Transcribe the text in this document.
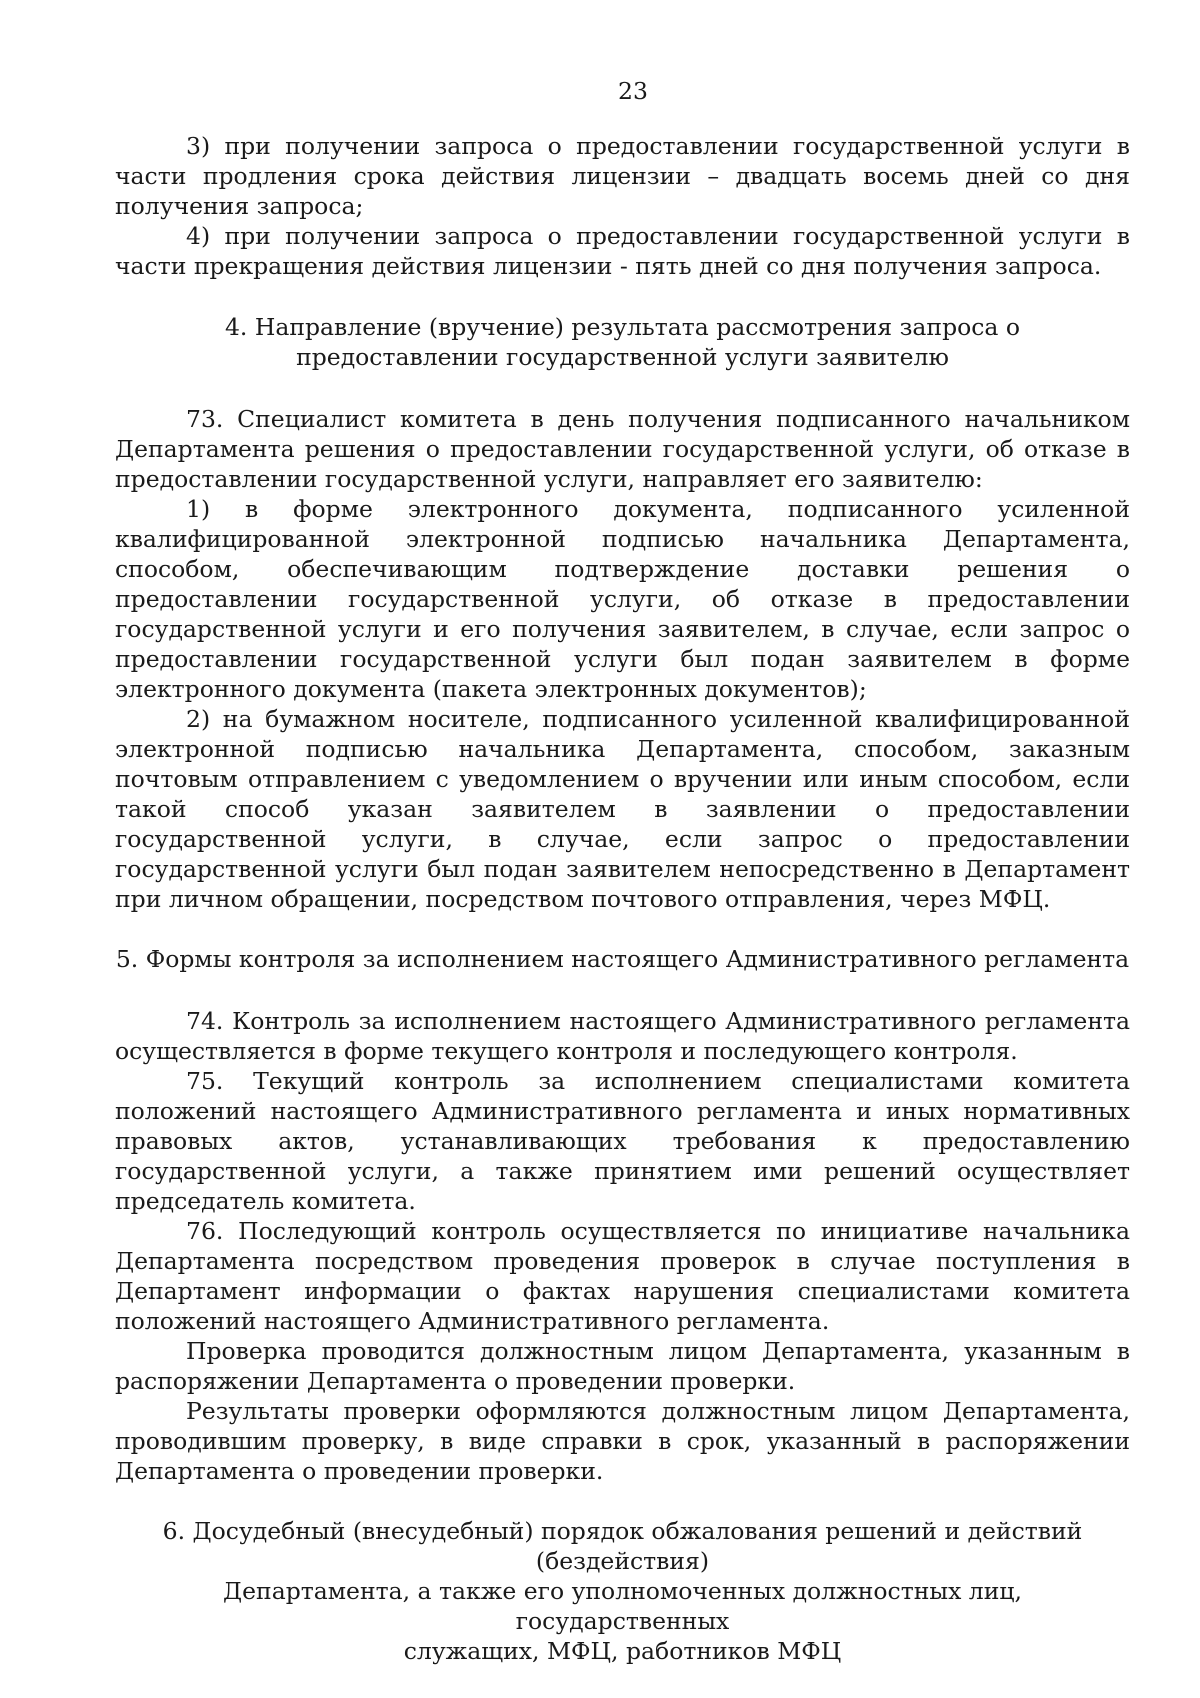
23

3) при получении запроса о предоставлении государственной услуги в части продления срока действия лицензии – двадцать восемь дней со дня получения запроса;

4) при получении запроса о предоставлении государственной услуги в части прекращения действия лицензии - пять дней со дня получения запроса.

4. Направление (вручение) результата рассмотрения запроса о предоставлении государственной услуги заявителю

73. Специалист комитета в день получения подписанного начальником Департамента решения о предоставлении государственной услуги, об отказе в предоставлении государственной услуги, направляет его заявителю:

1) в форме электронного документа, подписанного усиленной квалифицированной электронной подписью начальника Департамента, способом, обеспечивающим подтверждение доставки решения о предоставлении государственной услуги, об отказе в предоставлении государственной услуги и его получения заявителем, в случае, если запрос о предоставлении государственной услуги был подан заявителем в форме электронного документа (пакета электронных документов);

2) на бумажном носителе, подписанного усиленной квалифицированной электронной подписью начальника Департамента, способом, заказным почтовым отправлением с уведомлением о вручении или иным способом, если такой способ указан заявителем в заявлении о предоставлении государственной услуги, в случае, если запрос о предоставлении государственной услуги был подан заявителем непосредственно в Департамент при личном обращении, посредством почтового отправления, через МФЦ.

5. Формы контроля за исполнением настоящего Административного регламента

74. Контроль за исполнением настоящего Административного регламента осуществляется в форме текущего контроля и последующего контроля.

75. Текущий контроль за исполнением специалистами комитета положений настоящего Административного регламента и иных нормативных правовых актов, устанавливающих требования к предоставлению государственной услуги, а также принятием ими решений осуществляет председатель комитета.

76. Последующий контроль осуществляется по инициативе начальника Департамента посредством проведения проверок в случае поступления в Департамент информации о фактах нарушения специалистами комитета положений настоящего Административного регламента.

Проверка проводится должностным лицом Департамента, указанным в распоряжении Департамента о проведении проверки.

Результаты проверки оформляются должностным лицом Департамента, проводившим проверку, в виде справки в срок, указанный в распоряжении Департамента о проведении проверки.

6. Досудебный (внесудебный) порядок обжалования решений и действий (бездействия)
Департамента, а также его уполномоченных должностных лиц, государственных
служащих, МФЦ, работников МФЦ
